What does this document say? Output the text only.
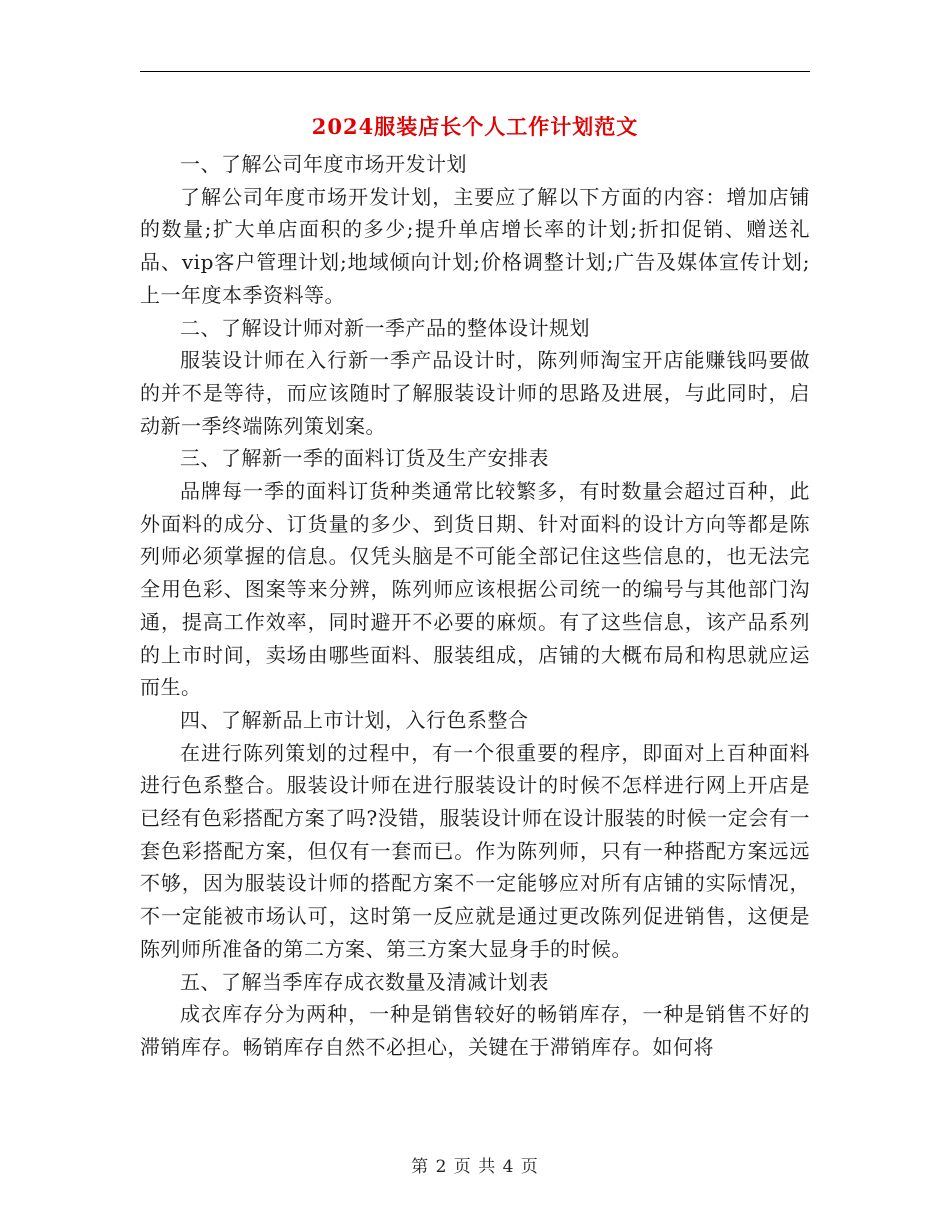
2024服装店长个人工作计划范文

一、了解公司年度市场开发计划

了解公司年度市场开发计划，主要应了解以下方面的内容：增加店铺的数量;扩大单店面积的多少;提升单店增长率的计划;折扣促销、赠送礼品、vip客户管理计划;地域倾向计划;价格调整计划;广告及媒体宣传计划;上一年度本季资料等。

二、了解设计师对新一季产品的整体设计规划

服装设计师在入行新一季产品设计时，陈列师淘宝开店能赚钱吗要做的并不是等待，而应该随时了解服装设计师的思路及进展，与此同时，启动新一季终端陈列策划案。

三、了解新一季的面料订货及生产安排表

品牌每一季的面料订货种类通常比较繁多，有时数量会超过百种，此外面料的成分、订货量的多少、到货日期、针对面料的设计方向等都是陈列师必须掌握的信息。仅凭头脑是不可能全部记住这些信息的，也无法完全用色彩、图案等来分辨，陈列师应该根据公司统一的编号与其他部门沟通，提高工作效率，同时避开不必要的麻烦。有了这些信息，该产品系列的上市时间，卖场由哪些面料、服装组成，店铺的大概布局和构思就应运而生。

四、了解新品上市计划，入行色系整合

在进行陈列策划的过程中，有一个很重要的程序，即面对上百种面料进行色系整合。服装设计师在进行服装设计的时候不怎样进行网上开店是已经有色彩搭配方案了吗?没错，服装设计师在设计服装的时候一定会有一套色彩搭配方案，但仅有一套而已。作为陈列师，只有一种搭配方案远远不够，因为服装设计师的搭配方案不一定能够应对所有店铺的实际情况，不一定能被市场认可，这时第一反应就是通过更改陈列促进销售，这便是陈列师所准备的第二方案、第三方案大显身手的时候。

五、了解当季库存成衣数量及清减计划表

成衣库存分为两种，一种是销售较好的畅销库存，一种是销售不好的滞销库存。畅销库存自然不必担心，关键在于滞销库存。如何将

第 2 页 共 4 页
